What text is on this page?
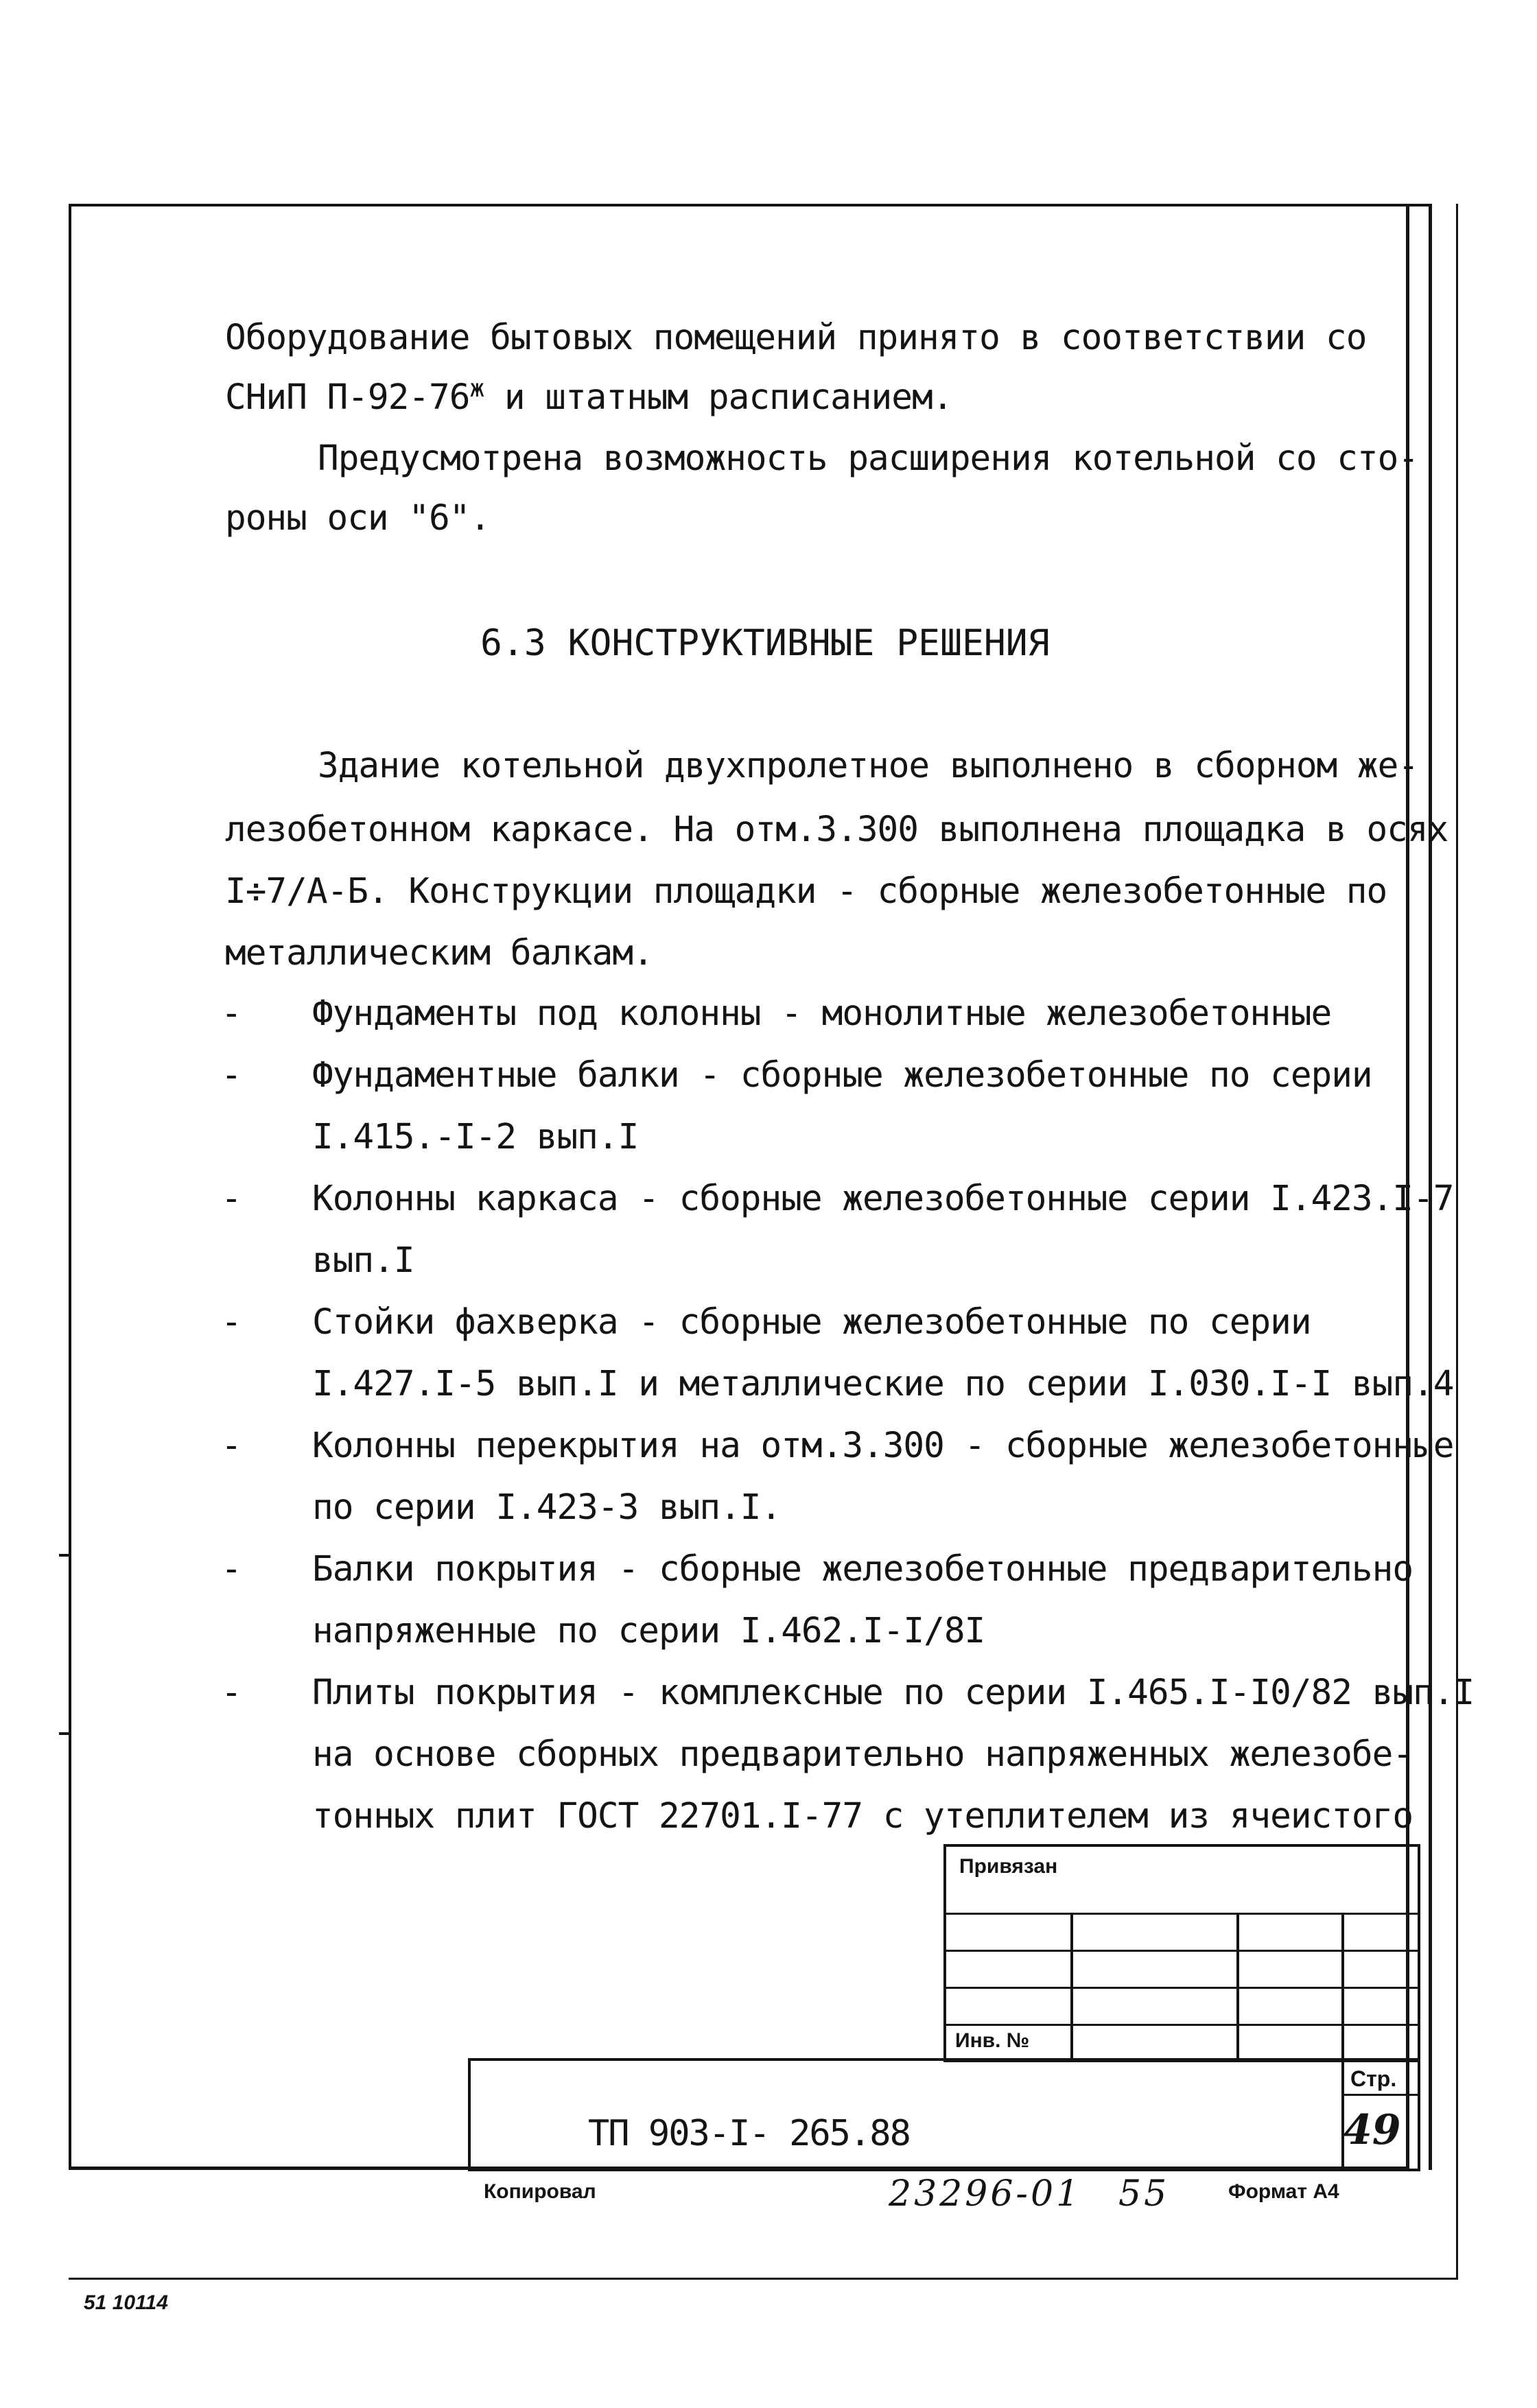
Оборудование бытовых помещений принято в соответствии со
СНиП $П-92-76^ж$ и штатным расписанием.
Предусмотрена возможность расширения котельной со сто-
роны оси "6".
6.3 КОНСТРУКТИВНЫЕ РЕШЕНИЯ
Здание котельной двухпролетное выполнено в сборном же-
лезобетонном каркасе. На отм.3.300 выполнена площадка в осях
I÷7/А-Б. Конструкции площадки - сборные железобетонные по
металлическим балкам.
- Фундаменты под колонны - монолитные железобетонные
- Фундаментные балки - сборные железобетонные по серии
I.415.-I-2 вып.I
- Колонны каркаса - сборные железобетонные серии I.423.I-7
вып.I
- Стойки фахверка - сборные железобетонные по серии
I.427.I-5 вып.I и металлические по серии I.030.I-I вып.4
- Колонны перекрытия на отм.3.300 - сборные железобетонные
по серии I.423-3 вып.I.
- Балки покрытия - сборные железобетонные предварительно
напряженные по серии I.462.I-I/8I
- Плиты покрытия - комплексные по серии I.465.I-I0/82 вып.I
на основе сборных предварительно напряженных железобе-
тонных плит ГОСТ 22701.I-77 с утеплителем из ячеистого
Привязан
Инв. №
Стр.
49
ТП 903-I- 265.88
Копировал	23296-01 55	Формат А4
51 10114
